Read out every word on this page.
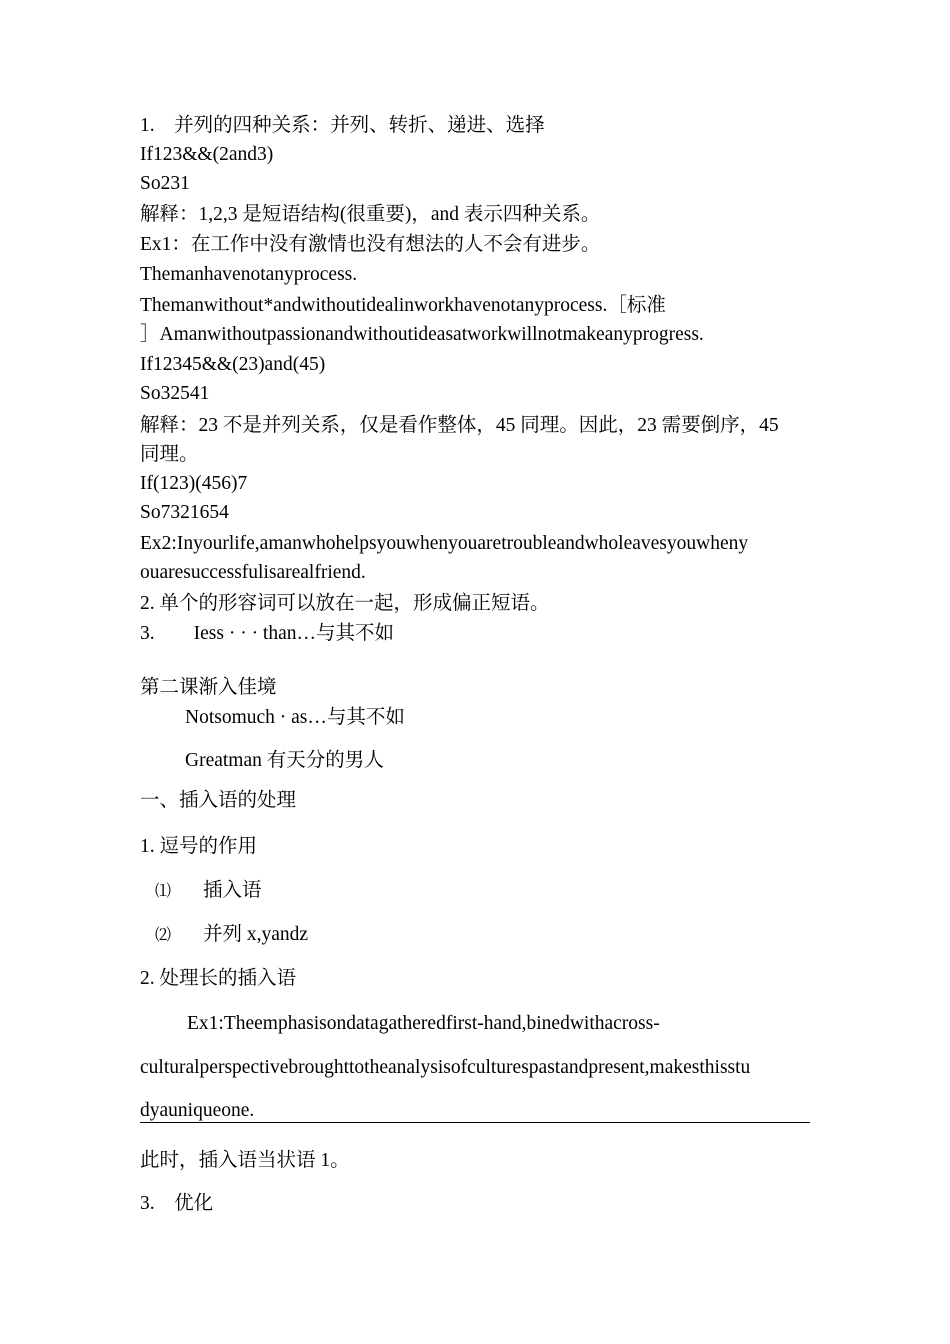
1.　并列的四种关系：并列、转折、递进、选择
If123&&(2and3)
So231
解释：1,2,3 是短语结构(很重要)，and 表示四种关系。
Ex1：在工作中没有激情也没有想法的人不会有进步。
Themanhavenotanyprocess.
Themanwithout*andwithoutidealinworkhavenotanyprocess.［标准
］Amanwithoutpassionandwithoutideasatworkwillnotmakeanyprogress.
If12345&&(23)and(45)
So32541
解释：23 不是并列关系，仅是看作整体，45 同理。因此，23 需要倒序，45
同理。
If(123)(456)7
So7321654
Ex2:Inyourlife,amanwhohelpsyouwhenyouaretroubleandwholeavesyouwheny
ouaresuccessfulisarealfriend.
2. 单个的形容词可以放在一起，形成偏正短语。
3.　　Iess · · · than…与其不如
第二课渐入佳境
Notsomuch · as…与其不如
Greatman 有天分的男人
一、插入语的处理
1. 逗号的作用
⑴ 插入语
⑵ 并列 x,yandz
2. 处理长的插入语
Ex1:Theemphasisondatagatheredfirst-hand,binedwithacross-
culturalperspectivebroughttotheanalysisofculturespastandpresent,makesthisstu
dyauniqueone.
此时，插入语当状语 1。
3.　优化
